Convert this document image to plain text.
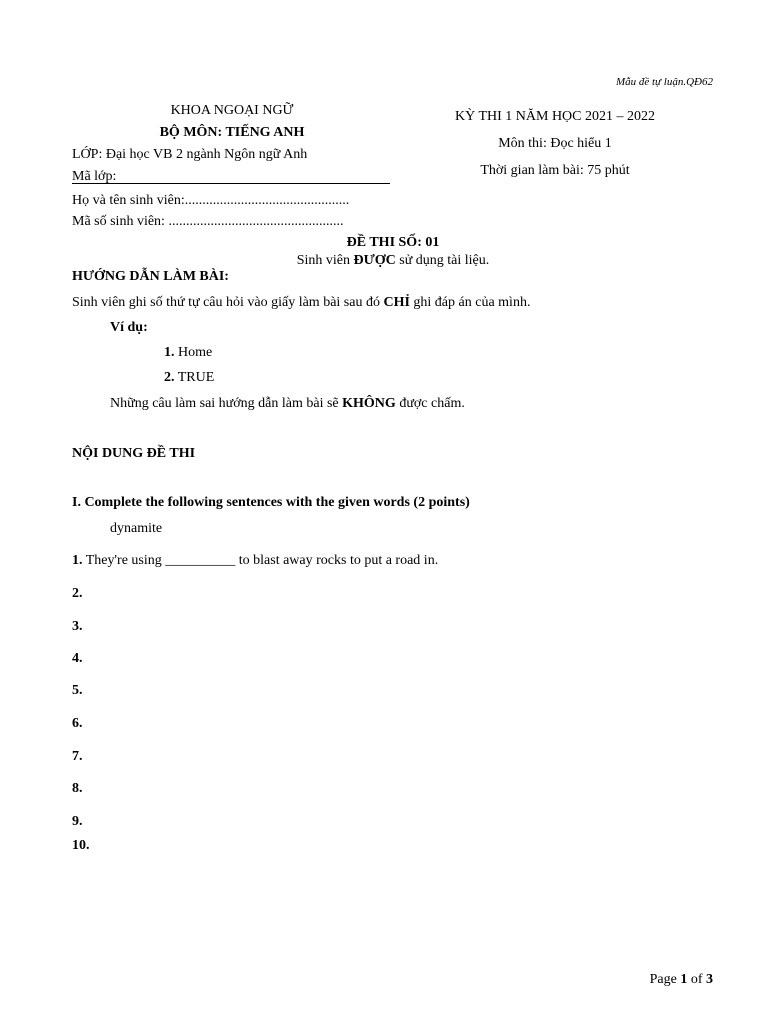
Mẫu đề tự luận.QĐ62
KHOA NGOẠI NGỮ
BỘ MÔN: TIẾNG ANH
LỚP: Đại học VB 2 ngành Ngôn ngữ Anh
Mã lớp:
KỲ THI 1 NĂM HỌC 2021 – 2022
Môn thi: Đọc hiểu 1
Thời gian làm bài: 75 phút
Họ và tên sinh viên:...............................................
Mã số sinh viên: ..................................................
ĐỀ THI SỐ: 01
Sinh viên ĐƯỢC sử dụng tài liệu.
HƯỚNG DẪN LÀM BÀI:
Sinh viên ghi số thứ tự câu hỏi vào giấy làm bài sau đó CHỈ ghi đáp án của mình.
Ví dụ:
1. Home
2. TRUE
Những câu làm sai hướng dẫn làm bài sẽ KHÔNG được chấm.
NỘI DUNG ĐỀ THI
I. Complete the following sentences with the given words (2 points)
dynamite
1. They're using __________ to blast away rocks to put a road in.
2.
3.
4.
5.
6.
7.
8.
9.
10.
Page 1 of 3
